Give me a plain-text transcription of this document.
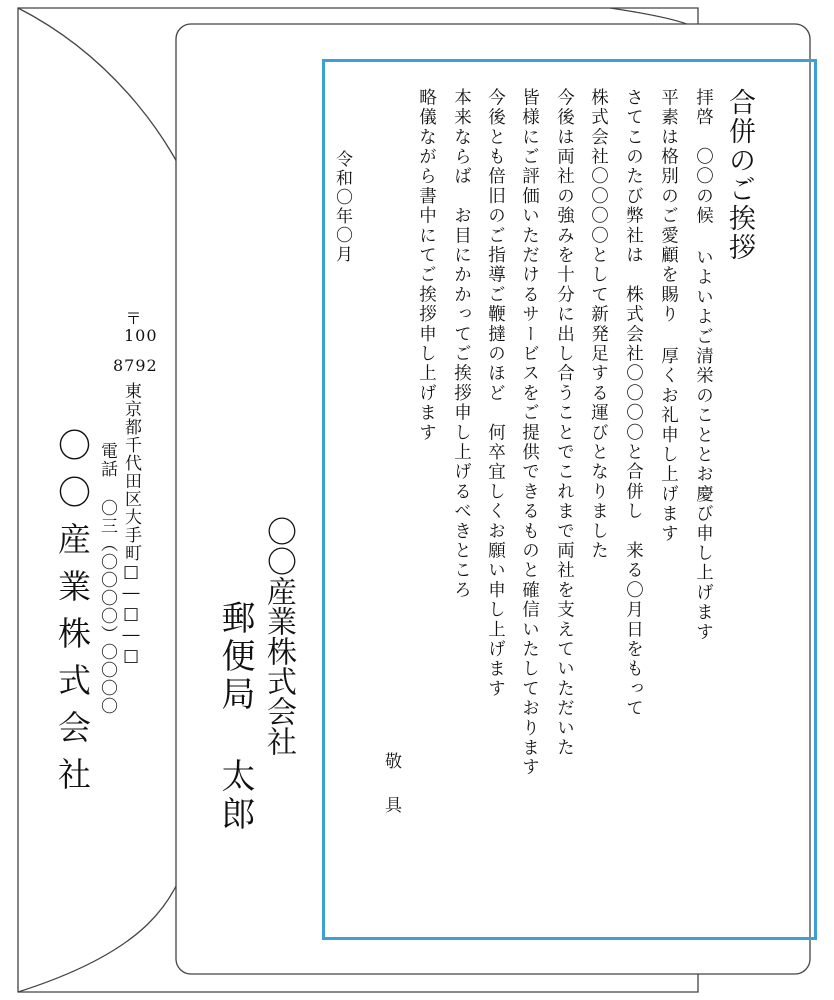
〒
100
8792
東京都千代田区大手町□―□―□
電話 〇三（〇〇〇〇）〇〇〇〇
〇〇産業株式会社	〇〇産業株式会社
郵便局 太郎
合併のご挨拶
拝啓　〇〇の候 いよいよご清栄のこととお慶び申し上げます
平素は格別のご愛顧を賜り 厚くお礼申し上げます
さてこのたび弊社は　株式会社〇〇〇〇と合併し　来る〇月日をもって
株式会社〇〇〇〇として新発足する運びとなりました
今後は両社の強みを十分に出し合うことでこれまで両社を支えていただいた
皆様にご評価いただけるサービスをご提供できるものと確信いたしております
今後とも倍旧のご指導ご鞭撻のほど　何卒宜しくお願い申し上げます
本来ならば　お目にかかってご挨拶申し上げるべきところ
略儀ながら書中にてご挨拶申し上げます
敬
具
令和〇年〇月
